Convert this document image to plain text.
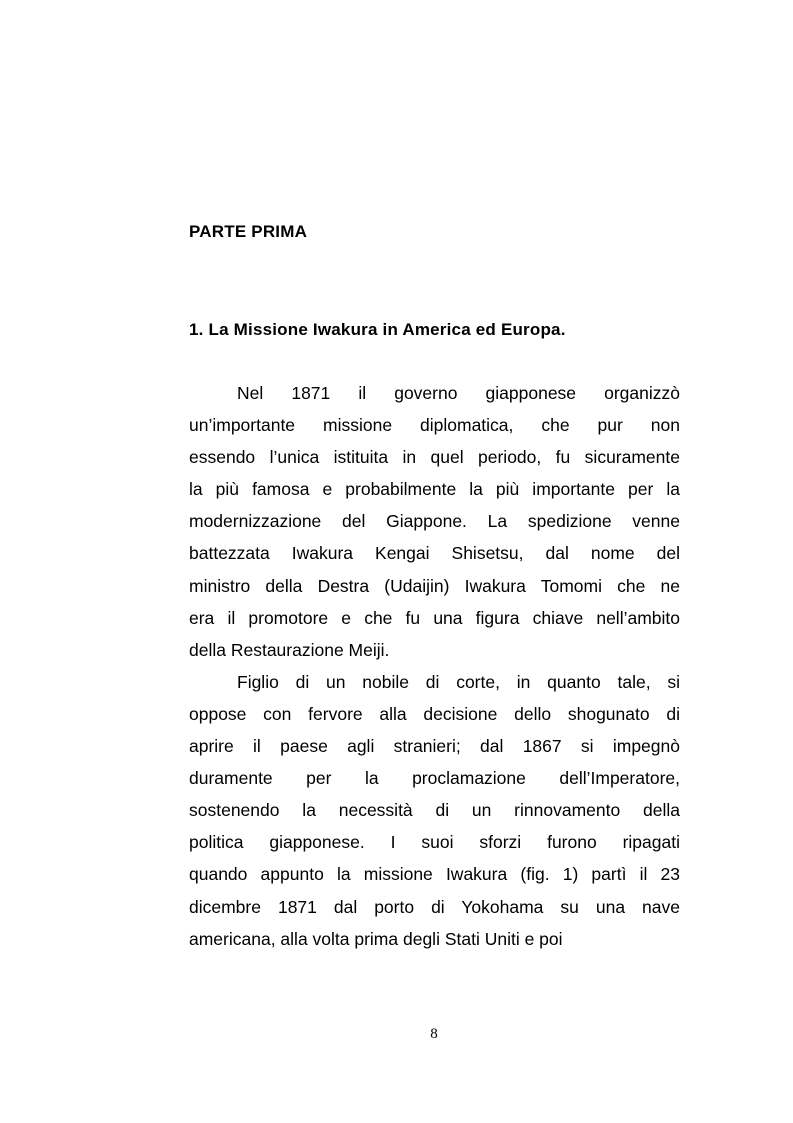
PARTE PRIMA
1. La Missione Iwakura in America ed Europa.
Nel 1871 il governo giapponese organizzò
un’importante missione diplomatica, che pur non
essendo l’unica istituita in quel periodo, fu sicuramente
la più famosa e probabilmente la più importante per la
modernizzazione del Giappone. La spedizione venne
battezzata Iwakura Kengai Shisetsu, dal nome del
ministro della Destra (Udaijin) Iwakura Tomomi che ne
era il promotore e che fu una figura chiave nell’ambito
della Restaurazione Meiji.
Figlio di un nobile di corte, in quanto tale, si
oppose con fervore alla decisione dello shogunato di
aprire il paese agli stranieri; dal 1867 si impegnò
duramente per la proclamazione dell’Imperatore,
sostenendo la necessità di un rinnovamento della
politica giapponese. I suoi sforzi furono ripagati
quando appunto la missione Iwakura (fig. 1) partì il 23
dicembre 1871 dal porto di Yokohama su una nave
americana, alla volta prima degli Stati Uniti e poi
8
